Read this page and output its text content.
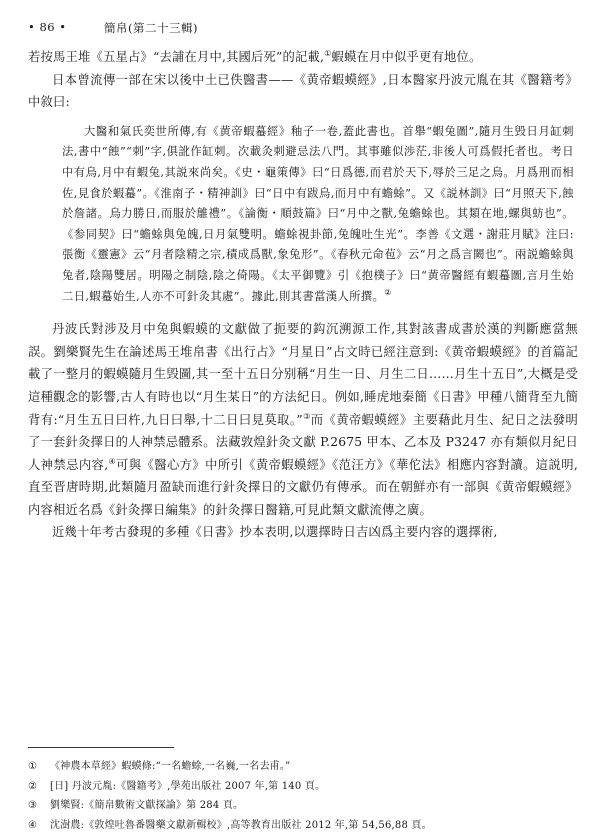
• 86 •	簡帛(第二十三輯)

若按馬王堆《五星占》“去誧在月中,其國后死”的記載,①蝦蟆在月中似乎更有地位。

日本曾流傳一部在宋以後中土已佚醫書——《黄帝蝦蟆經》,日本醫家丹波元胤在其《醫籍考》中敘曰:

大醫和氣氏奕世所傳,有《黄帝蝦蟇經》釉子一卷,蓋此書也。首舉“蝦兔圖”,隨月生毁日月缸刺法,書中“蝕”“刺”字,俱訛作缸刺。次載灸刺避忌法八門。其事雖似渉茫,非後人可爲假托者也。考日中有烏,月中有蝦兔,其説來尚矣。《史・龜策傳》曰“日爲德,而君於天下,辱於三足之烏。月爲刑而相佐,見食於蝦蟇”。《淮南子・精神訓》曰“日中有跋烏,而月中有蟾蜍”。又《説林訓》曰“月照天下,蝕於詹諸。烏力勝日,而服於鵻禮”。《論衡・順鼓篇》曰“月中之獸,兔蟾蜍也。其類在地,螺與蚄也”。《参同契》曰“蟾蜍與兔魄,日月氣雙明。蟾蜍視卦節,兔魄吐生光”。李善《文選・謝莊月賦》注曰:張衡《靈憲》云“月者陰精之宗,積成爲獸,象兔形”。《春秋元命苞》云“月之爲言闕也”。兩説蟾蜍與兔者,陰陽雙居。明陽之制陰,陰之倚陽。《太平御覽》引《抱樸子》曰“黄帝醫經有蝦蟇圖,言月生始二日,蝦蟇始生,人亦不可針灸其處”。據此,則其書當漢人所撰。②

丹波氏對涉及月中兔與蝦蟆的文獻做了扼要的鈎沉溯源工作,其對該書成書於漢的判斷應當無誤。劉樂賢先生在論述馬王堆帛書《出行占》“月星日”占文時已經注意到:《黄帝蝦蟆經》的首篇記載了一整月的蝦蟆隨月生毁圖,其一至十五日分别稱“月生一日、月生二日……月生十五日”,大概是受這種觀念的影響,古人有時也以“月生某日”的方法紀日。例如,睡虎地秦簡《日書》甲種八簡背至九簡背有:“月生五日曰杵,九日曰舉,十二日曰見莫取。”③而《黄帝蝦蟆經》主要藉此月生、紀日之法發明了一套針灸擇日的人神禁忌體系。法藏敦煌針灸文獻 P.2675 甲本、乙本及 P3247 亦有類似月紀日人神禁忌内容,④可與《醫心方》中所引《黄帝蝦蟆經》《范汪方》《華佗法》相應内容對讀。這説明,直至晋唐時期,此類隨月盈缺而進行針灸擇日的文獻仍有傳承。而在朝鮮亦有一部與《黄帝蝦蟆經》内容相近名爲《針灸擇日編集》的針灸擇日醫籍,可見此類文獻流傳之廣。

近幾十年考古發現的多種《日書》抄本表明,以選擇時日吉凶爲主要内容的選擇術,

① 《神農本草經》蝦蟆條:“一名蟾蜍,一名巍,一名去甫。”
② [日] 丹波元胤:《醫籍考》,學苑出版社 2007 年,第 140 頁。
③ 劉樂賢:《簡帛數術文獻探論》第 284 頁。
④ 沈澍農:《敦煌吐魯番醫藥文獻新輯校》,高等教育出版社 2012 年,第 54,56,88 頁。
